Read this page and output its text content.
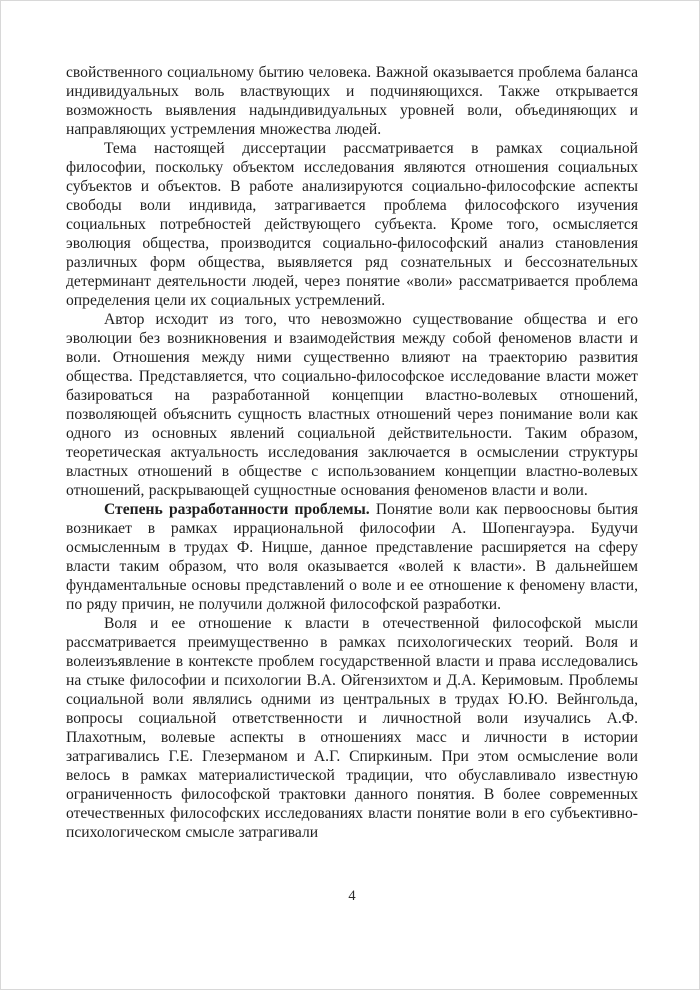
свойственного социальному бытию человека. Важной оказывается проблема баланса индивидуальных воль властвующих и подчиняющихся. Также открывается возможность выявления надындивидуальных уровней воли, объединяющих и направляющих устремления множества людей.

Тема настоящей диссертации рассматривается в рамках социальной философии, поскольку объектом исследования являются отношения социальных субъектов и объектов. В работе анализируются социально-философские аспекты свободы воли индивида, затрагивается проблема философского изучения социальных потребностей действующего субъекта. Кроме того, осмысляется эволюция общества, производится социально-философский анализ становления различных форм общества, выявляется ряд сознательных и бессознательных детерминант деятельности людей, через понятие «воли» рассматривается проблема определения цели их социальных устремлений.

Автор исходит из того, что невозможно существование общества и его эволюции без возникновения и взаимодействия между собой феноменов власти и воли. Отношения между ними существенно влияют на траекторию развития общества. Представляется, что социально-философское исследование власти может базироваться на разработанной концепции властно-волевых отношений, позволяющей объяснить сущность властных отношений через понимание воли как одного из основных явлений социальной действительности. Таким образом, теоретическая актуальность исследования заключается в осмыслении структуры властных отношений в обществе с использованием концепции властно-волевых отношений, раскрывающей сущностные основания феноменов власти и воли.

Степень разработанности проблемы. Понятие воли как первоосновы бытия возникает в рамках иррациональной философии А. Шопенгауэра. Будучи осмысленным в трудах Ф. Ницше, данное представление расширяется на сферу власти таким образом, что воля оказывается «волей к власти». В дальнейшем фундаментальные основы представлений о воле и ее отношение к феномену власти, по ряду причин, не получили должной философской разработки.

Воля и ее отношение к власти в отечественной философской мысли рассматривается преимущественно в рамках психологических теорий. Воля и волеизъявление в контексте проблем государственной власти и права исследовались на стыке философии и психологии В.А. Ойгензихтом и Д.А. Керимовым. Проблемы социальной воли являлись одними из центральных в трудах Ю.Ю. Вейнгольда, вопросы социальной ответственности и личностной воли изучались А.Ф. Плахотным, волевые аспекты в отношениях масс и личности в истории затрагивались Г.Е. Глезерманом и А.Г. Спиркиным. При этом осмысление воли велось в рамках материалистической традиции, что обуславливало известную ограниченность философской трактовки данного понятия. В более современных отечественных философских исследованиях власти понятие воли в его субъективно-психологическом смысле затрагивали

4
